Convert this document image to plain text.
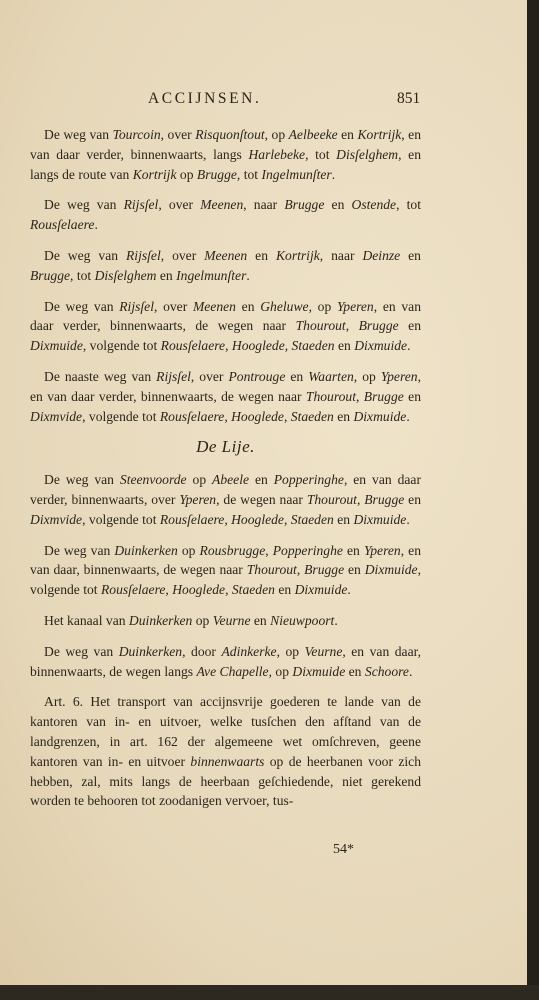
ACCIJNSEN.	851

De weg van Tourcoin, over Risquonſtout, op Aelbeeke en Kortrijk, en van daar verder, binnenwaarts, langs Harlebeke, tot Disſelghem, en langs de route van Kortrijk op Brugge, tot Ingelmunſter.

De weg van Rijsſel, over Meenen, naar Brugge en Ostende, tot Rousſelaere.

De weg van Rijsſel, over Meenen en Kortrijk, naar Deinze en Brugge, tot Disſelghem en Ingelmunſter.

De weg van Rijsſel, over Meenen en Gheluwe, op Yperen, en van daar verder, binnenwaarts, de wegen naar Thourout, Brugge en Dixmuide, volgende tot Rousſelaere, Hooglede, Staeden en Dixmuide.

De naaste weg van Rijsſel, over Pontrouge en Waarten, op Yperen, en van daar verder, binnenwaarts, de wegen naar Thourout, Brugge en Dixmvide, volgende tot Rousſelaere, Hooglede, Staeden en Dixmuide.

De Lije.

De weg van Steenvoorde op Abeele en Popperinghe, en van daar verder, binnenwaarts, over Yperen, de wegen naar Thourout, Brugge en Dixmvide, volgende tot Rousſelaere, Hooglede, Staeden en Dixmuide.

De weg van Duinkerken op Rousbrugge, Popperinghe en Yperen, en van daar, binnenwaarts, de wegen naar Thourout, Brugge en Dixmuide, volgende tot Rousſelaere, Hooglede, Staeden en Dixmuide.

Het kanaal van Duinkerken op Veurne en Nieuwpoort.

De weg van Duinkerken, door Adinkerke, op Veurne, en van daar, binnenwaarts, de wegen langs Ave Chapelle, op Dixmuide en Schoore.

Art. 6. Het transport van accijnsvrije goederen te lande van de kantoren van in- en uitvoer, welke tusſchen den afſtand van de landgrenzen, in art. 162 der algemeene wet omſchreven, geene kantoren van in- en uitvoer binnenwaarts op de heerbanen voor zich hebben, zal, mits langs de heerbaan geſchiedende, niet gerekend worden te behooren tot zoodanigen vervoer, tus-

54*
